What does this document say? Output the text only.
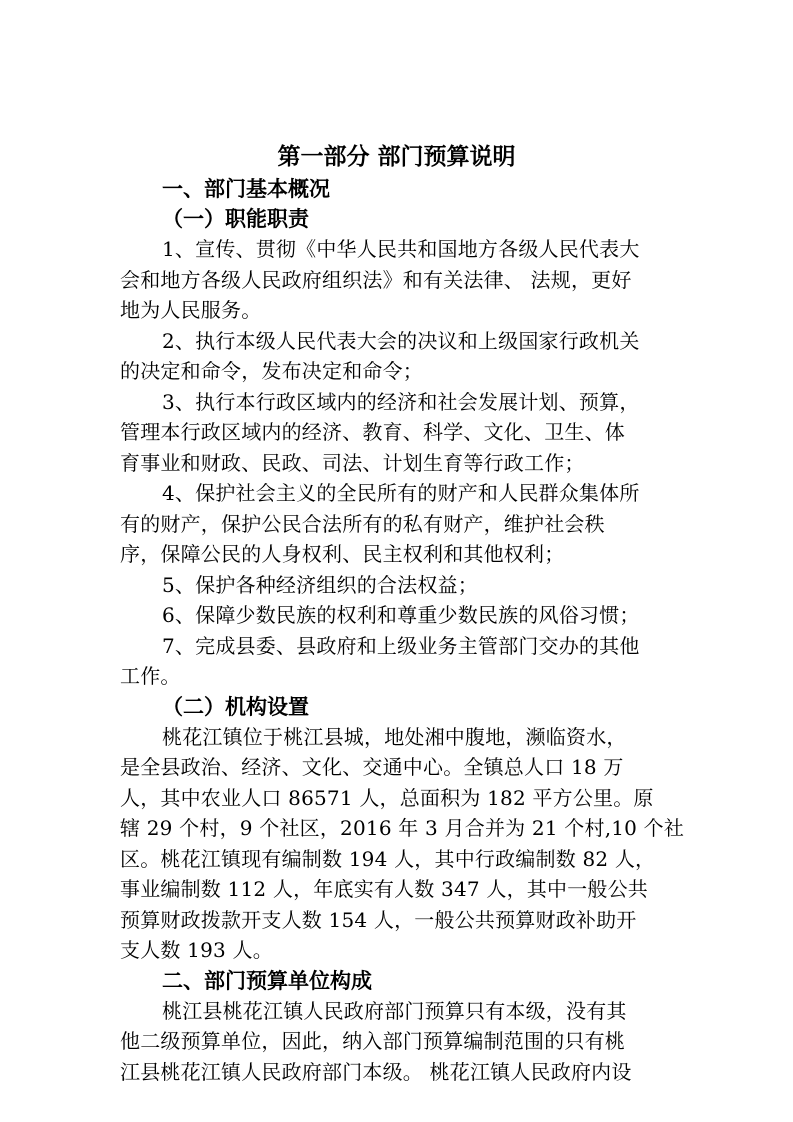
第一部分 部门预算说明
一、部门基本概况
（一）职能职责
1、宣传、贯彻《中华人民共和国地方各级人民代表大
会和地方各级人民政府组织法》和有关法律、 法规，更好
地为人民服务。
2、执行本级人民代表大会的决议和上级国家行政机关
的决定和命令，发布决定和命令；
3、执行本行政区域内的经济和社会发展计划、预算，
管理本行政区域内的经济、教育、科学、文化、卫生、体
育事业和财政、民政、司法、计划生育等行政工作；
4、保护社会主义的全民所有的财产和人民群众集体所
有的财产，保护公民合法所有的私有财产，维护社会秩
序，保障公民的人身权利、民主权利和其他权利；
5、保护各种经济组织的合法权益；
6、保障少数民族的权利和尊重少数民族的风俗习惯；
7、完成县委、县政府和上级业务主管部门交办的其他
工作。
（二）机构设置
桃花江镇位于桃江县城，地处湘中腹地，濒临资水，
是全县政治、经济、文化、交通中心。全镇总人口 18 万
人，其中农业人口 86571 人，总面积为 182 平方公里。原
辖 29 个村，9 个社区，2016 年 3 月合并为 21 个村,10 个社
区。桃花江镇现有编制数 194 人，其中行政编制数 82 人，
事业编制数 112 人，年底实有人数 347 人，其中一般公共
预算财政拨款开支人数 154 人，一般公共预算财政补助开
支人数 193 人。
二、部门预算单位构成
桃江县桃花江镇人民政府部门预算只有本级，没有其
他二级预算单位，因此，纳入部门预算编制范围的只有桃
江县桃花江镇人民政府部门本级。 桃花江镇人民政府内设
